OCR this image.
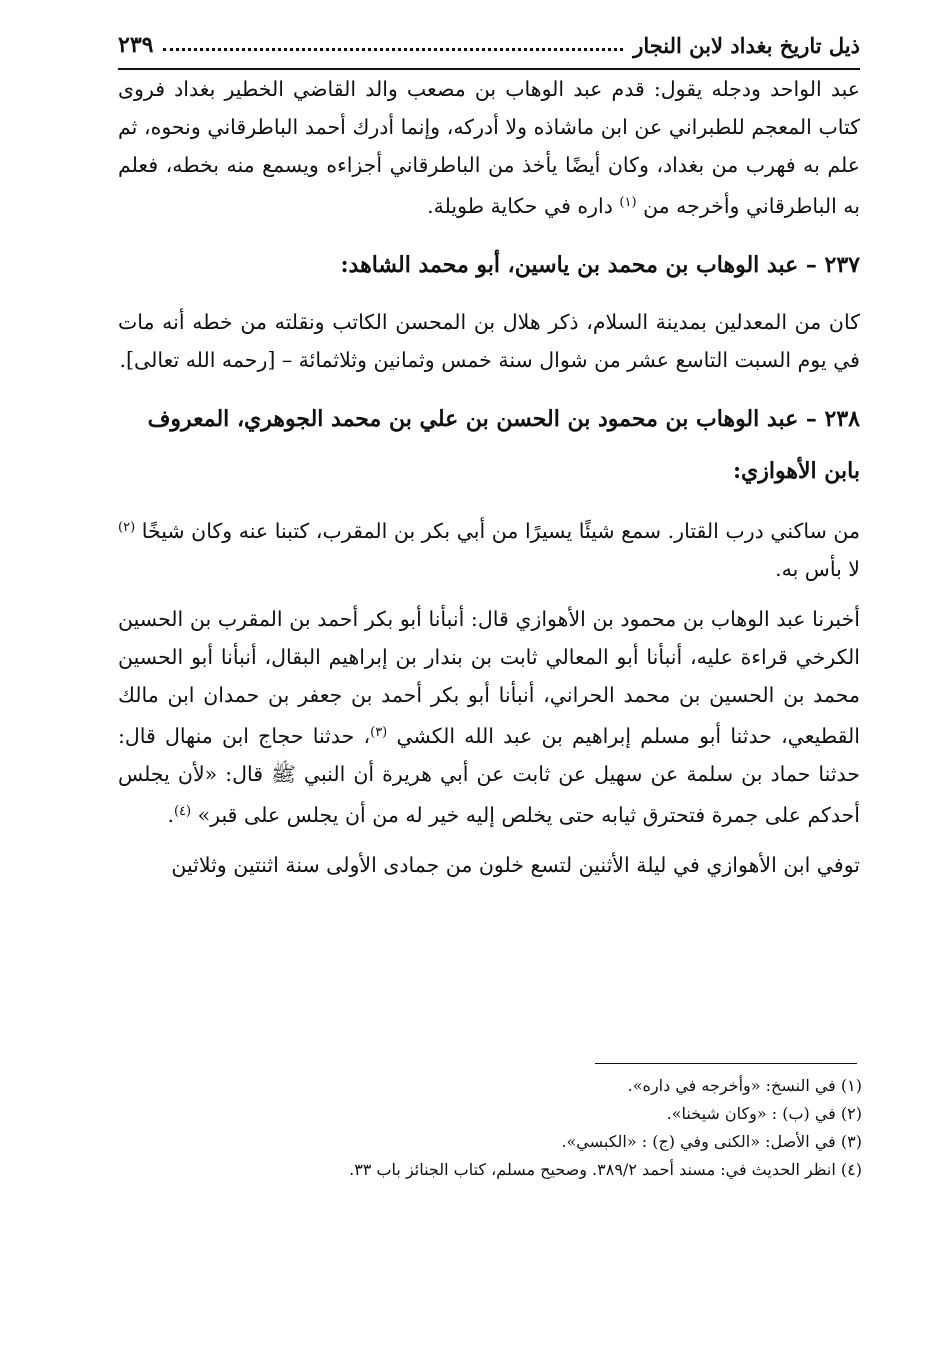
ذيل تاريخ بغداد لابن النجار
٢٣٩

عبد الواحد ودجله يقول: قدم عبد الوهاب بن مصعب والد القاضي الخطير بغداد فروى كتاب المعجم للطبراني عن ابن ماشاذه ولا أدركه، وإنما أدرك أحمد الباطرقاني ونحوه، ثم علم به فهرب من بغداد، وكان أيضًا يأخذ من الباطرقاني أجزاءه ويسمع منه بخطه، فعلم به الباطرقاني وأخرجه من $^{(١)}$ داره في حكاية طويلة.

٢٣٧ – عبد الوهاب بن محمد بن ياسين، أبو محمد الشاهد:

كان من المعدلين بمدينة السلام، ذكر هلال بن المحسن الكاتب ونقلته من خطه أنه مات في يوم السبت التاسع عشر من شوال سنة خمس وثمانين وثلاثمائة – [رحمه الله تعالى].

٢٣٨ – عبد الوهاب بن محمود بن الحسن بن علي بن محمد الجوهري، المعروف بابن الأهوازي:

من ساكني درب القتار. سمع شيئًا يسيرًا من أبي بكر بن المقرب، كتبنا عنه وكان شيخًا $^{(٢)}$ لا بأس به.

أخبرنا عبد الوهاب بن محمود بن الأهوازي قال: أنبأنا أبو بكر أحمد بن المقرب بن الحسين الكرخي قراءة عليه، أنبأنا أبو المعالي ثابت بن بندار بن إبراهيم البقال، أنبأنا أبو الحسين محمد بن الحسين بن محمد الحراني، أنبأنا أبو بكر أحمد بن جعفر بن حمدان ابن مالك القطيعي، حدثنا أبو مسلم إبراهيم بن عبد الله الكشي $^{(٣)}$، حدثنا حجاج ابن منهال قال: حدثنا حماد بن سلمة عن سهيل عن ثابت عن أبي هريرة أن النبي ﷺ قال: «لأن يجلس أحدكم على جمرة فتحترق ثيابه حتى يخلص إليه خير له من أن يجلس على قبر» $^{(٤)}$.

توفي ابن الأهوازي في ليلة الأثنين لتسع خلون من جمادى الأولى سنة اثنتين وثلاثين

(١) في النسخ: «وأخرجه في داره».

(٢) في (ب) : «وكان شيخنا».

(٣) في الأصل: «الكنى وفي (ج) : «الكبسي».

(٤) انظر الحديث في: مسند أحمد ٣٨٩/٢. وصحيح مسلم، كتاب الجنائز باب ٣٣.
